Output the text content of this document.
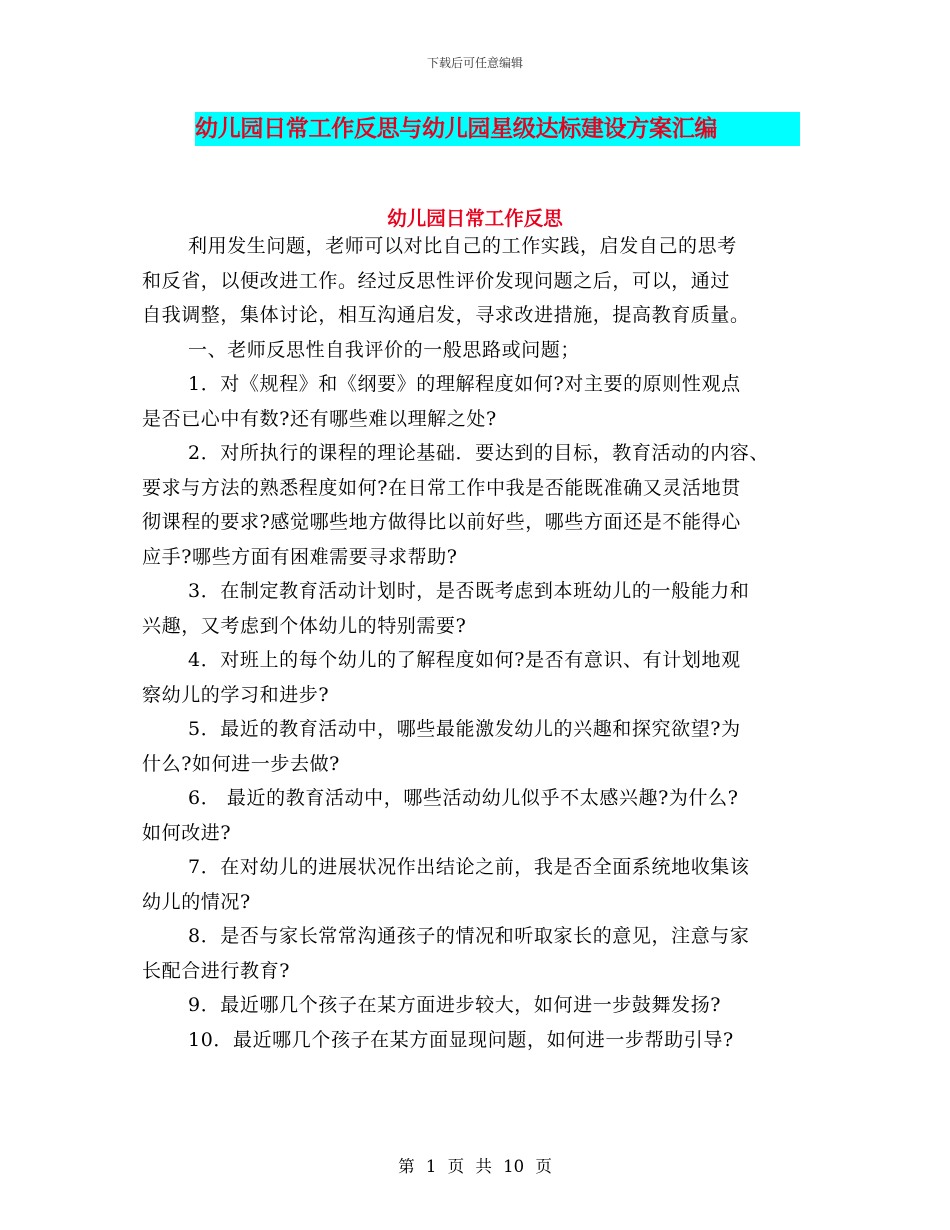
下载后可任意编辑
幼儿园日常工作反思与幼儿园星级达标建设方案汇编
幼儿园日常工作反思
利用发生问题，老师可以对比自己的工作实践，启发自己的思考
和反省，以便改进工作。经过反思性评价发现问题之后，可以，通过
自我调整，集体讨论，相互沟通启发，寻求改进措施，提高教育质量。
一、老师反思性自我评价的一般思路或问题；
1．对《规程》和《纲要》的理解程度如何?对主要的原则性观点
是否已心中有数?还有哪些难以理解之处?
2．对所执行的课程的理论基础．要达到的目标，教育活动的内容、
要求与方法的熟悉程度如何?在日常工作中我是否能既准确又灵活地贯
彻课程的要求?感觉哪些地方做得比以前好些，哪些方面还是不能得心
应手?哪些方面有困难需要寻求帮助?
3．在制定教育活动计划时，是否既考虑到本班幼儿的一般能力和
兴趣，又考虑到个体幼儿的特别需要?
4．对班上的每个幼儿的了解程度如何?是否有意识、有计划地观
察幼儿的学习和进步?
5．最近的教育活动中，哪些最能激发幼儿的兴趣和探究欲望?为
什么?如何进一步去做?
6． 最近的教育活动中，哪些活动幼儿似乎不太感兴趣?为什么?
如何改进?
7．在对幼儿的进展状况作出结论之前，我是否全面系统地收集该
幼儿的情况?
8．是否与家长常常沟通孩子的情况和听取家长的意见，注意与家
长配合进行教育?
9．最近哪几个孩子在某方面进步较大，如何进一步鼓舞发扬?
10．最近哪几个孩子在某方面显现问题，如何进一步帮助引导?
第 1 页 共 10 页
